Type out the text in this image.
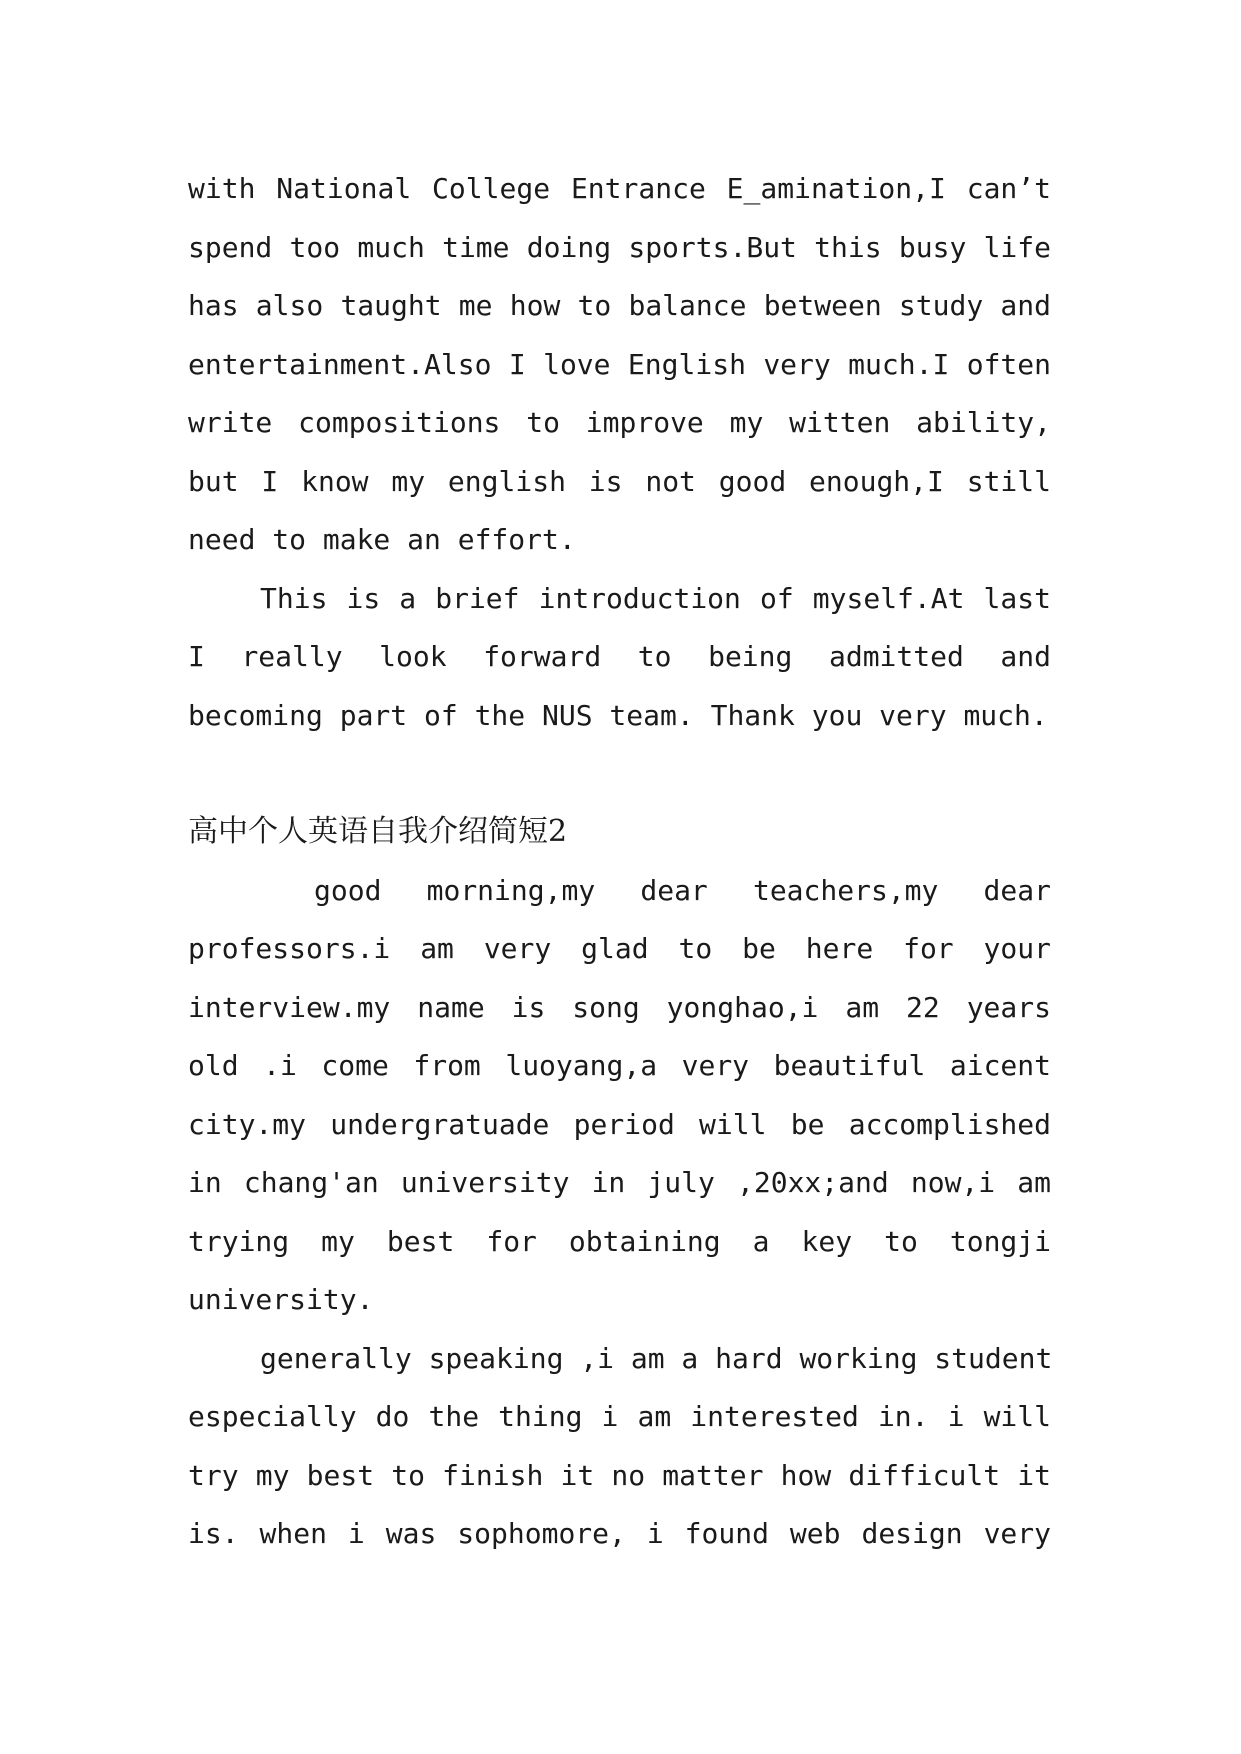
with National College Entrance E_amination,I can’t
spend too much time doing sports.But this busy life
has also taught me how to balance between study and
entertainment.Also I love English very much.I often
write compositions to improve my witten ability,
but I know my english is not good enough,I still
need to make an effort.
This is a brief introduction of myself.At last
I really look forward to being admitted and
becoming part of the NUS team. Thank you very much.
高中个人英语自我介绍简短2
good morning,my dear teachers,my dear
professors.i am very glad to be here for your
interview.my name is song yonghao,i am 22 years
old .i come from luoyang,a very beautiful aicent
city.my undergratuade period will be accomplished
in chang'an university in july ,20xx;and now,i am
trying my best for obtaining a key to tongji
university.
generally speaking ,i am a hard working student
especially do the thing i am interested in. i will
try my best to finish it no matter how difficult it
is. when i was sophomore, i found web design very
